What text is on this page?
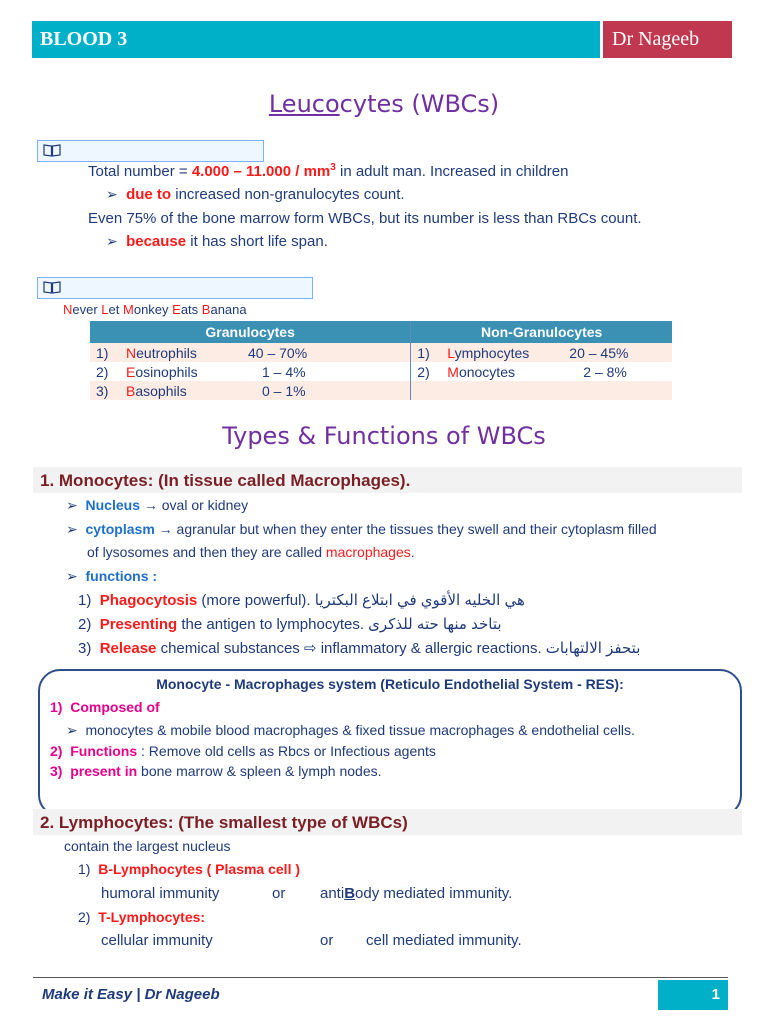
BLOOD 3	Dr Nageeb
Leucocytes (WBCs)
Total number = $4.000 - 11.000 / mm^3$ in adult man. Increased in children
➢ due to increased non-granulocytes count.
Even 75% of the bone marrow form WBCs, but its number is less than RBCs count.
➢ because it has short life span.
Never Let Monkey Eats Banana
Granulocytes			Non-Granulocytes		
1)	Neutrophils	40 – 70%	1)	Lymphocytes	20 – 45%
2)	Eosinophils	1 – 4%	2)	Monocytes	2 – 8%
3)	Basophils	0 – 1%			
Types & Functions of WBCs
1. Monocytes: (In tissue called Macrophages).
➢ Nucleus → oval or kidney
➢ cytoplasm → agranular but when they enter the tissues they swell and their cytoplasm filled
of lysosomes and then they are called macrophages.
➢ functions :
1) Phagocytosis (more powerful). هي الخليه الأقوي في ابتلاع البكتريا
2) Presenting the antigen to lymphocytes. بتاخد منها حته للذكرى
3) Release chemical substances ⇨ inflammatory & allergic reactions. بتحفز الالتهابات
Monocyte - Macrophages system (Reticulo Endothelial System - RES):
1) Composed of
➢ monocytes & mobile blood macrophages & fixed tissue macrophages & endothelial cells.
2) Functions : Remove old cells as Rbcs or Infectious agents
3) present in bone marrow & spleen & lymph nodes.
2. Lymphocytes: (The smallest type of WBCs)
contain the largest nucleus
1) B-Lymphocytes ( Plasma cell )
humoral immunity	or antiBody mediated immunity.
2) T-Lymphocytes:
cellular immunity	or cell mediated immunity.
Make it Easy | Dr Nageeb	1
